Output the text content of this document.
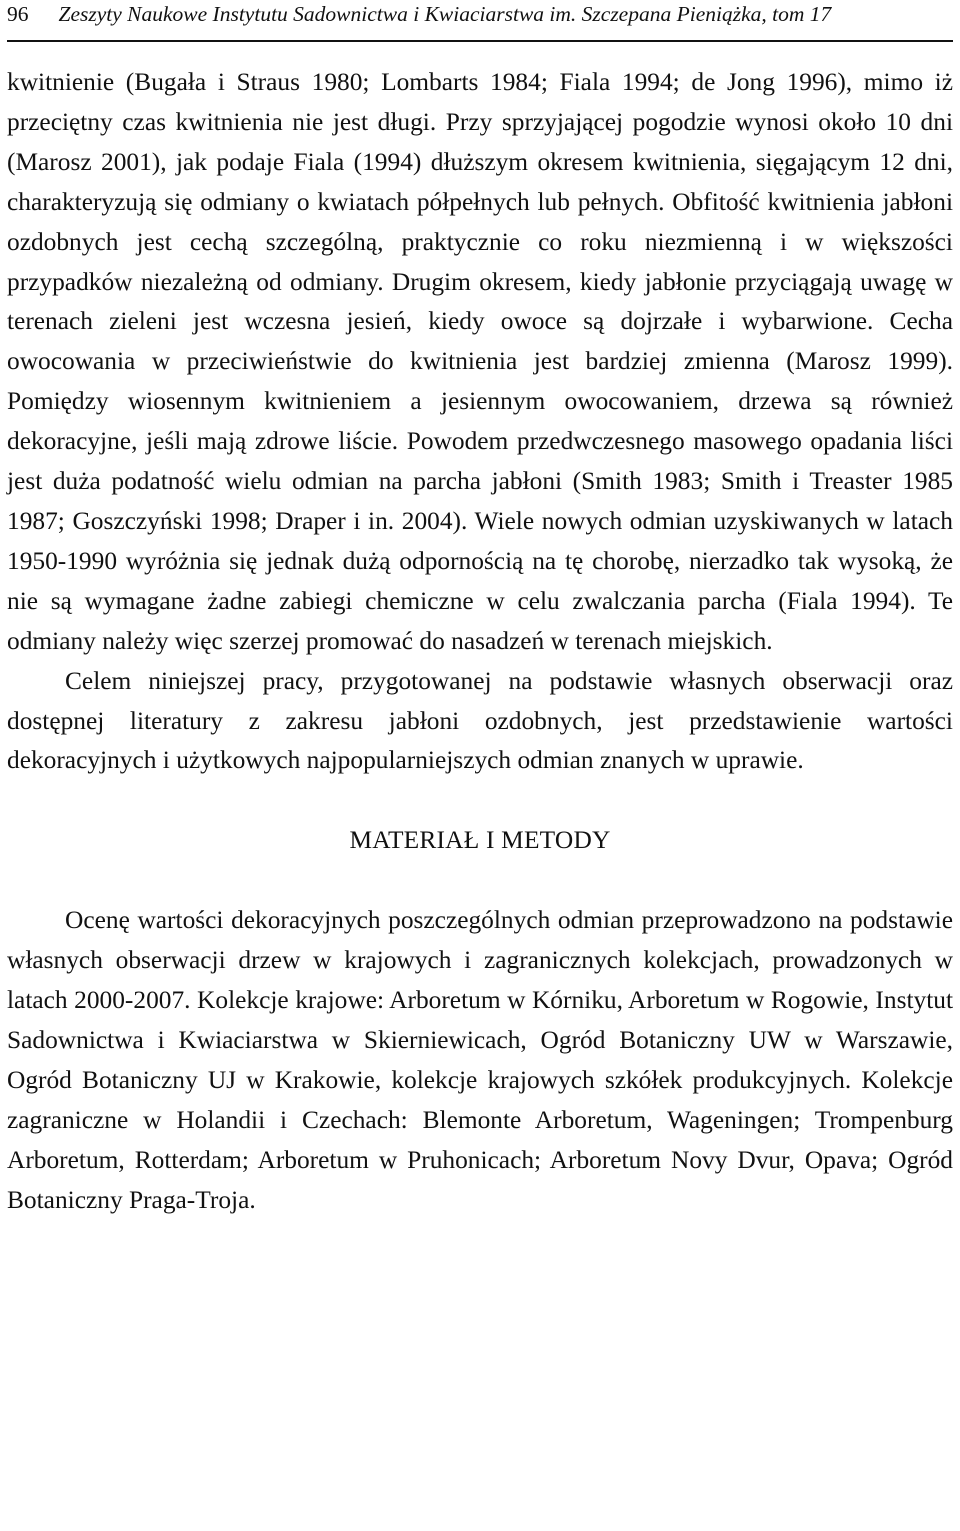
96 Zeszyty Naukowe Instytutu Sadownictwa i Kwiaciarstwa im. Szczepana Pieniążka, tom 17

kwitnienie (Bugała i Straus 1980; Lombarts 1984; Fiala 1994; de Jong 1996), mimo iż przeciętny czas kwitnienia nie jest długi. Przy sprzyjającej pogodzie wynosi około 10 dni (Marosz 2001), jak podaje Fiala (1994) dłuższym okresem kwitnienia, sięgającym 12 dni, charakteryzują się odmiany o kwiatach półpełnych lub pełnych. Obfitość kwitnienia jabłoni ozdobnych jest cechą szczególną, praktycznie co roku niezmienną i w większości przypadków niezależną od odmiany. Drugim okresem, kiedy jabłonie przyciągają uwagę w terenach zieleni jest wczesna jesień, kiedy owoce są dojrzałe i wybarwione. Cecha owocowania w przeciwieństwie do kwitnienia jest bardziej zmienna (Marosz 1999). Pomiędzy wiosennym kwitnieniem a jesiennym owocowaniem, drzewa są również dekoracyjne, jeśli mają zdrowe liście. Powodem przedwczesnego masowego opadania liści jest duża podatność wielu odmian na parcha jabłoni (Smith 1983; Smith i Treaster 1985 1987; Goszczyński 1998; Draper i in. 2004). Wiele nowych odmian uzyskiwanych w latach 1950-1990 wyróżnia się jednak dużą odpornością na tę chorobę, nierzadko tak wysoką, że nie są wymagane żadne zabiegi chemiczne w celu zwalczania parcha (Fiala 1994). Te odmiany należy więc szerzej promować do nasadzeń w terenach miejskich.

Celem niniejszej pracy, przygotowanej na podstawie własnych obserwacji oraz dostępnej literatury z zakresu jabłoni ozdobnych, jest przedstawienie wartości dekoracyjnych i użytkowych najpopularniejszych odmian znanych w uprawie.

MATERIAŁ I METODY

Ocenę wartości dekoracyjnych poszczególnych odmian przeprowadzono na podstawie własnych obserwacji drzew w krajowych i zagranicznych kolekcjach, prowadzonych w latach 2000-2007. Kolekcje krajowe: Arboretum w Kórniku, Arboretum w Rogowie, Instytut Sadownictwa i Kwiaciarstwa w Skierniewicach, Ogród Botaniczny UW w Warszawie, Ogród Botaniczny UJ w Krakowie, kolekcje krajowych szkółek produkcyjnych. Kolekcje zagraniczne w Holandii i Czechach: Blemonte Arboretum, Wageningen; Trompenburg Arboretum, Rotterdam; Arboretum w Pruhonicach; Arboretum Novy Dvur, Opava; Ogród Botaniczny Praga-Troja.
